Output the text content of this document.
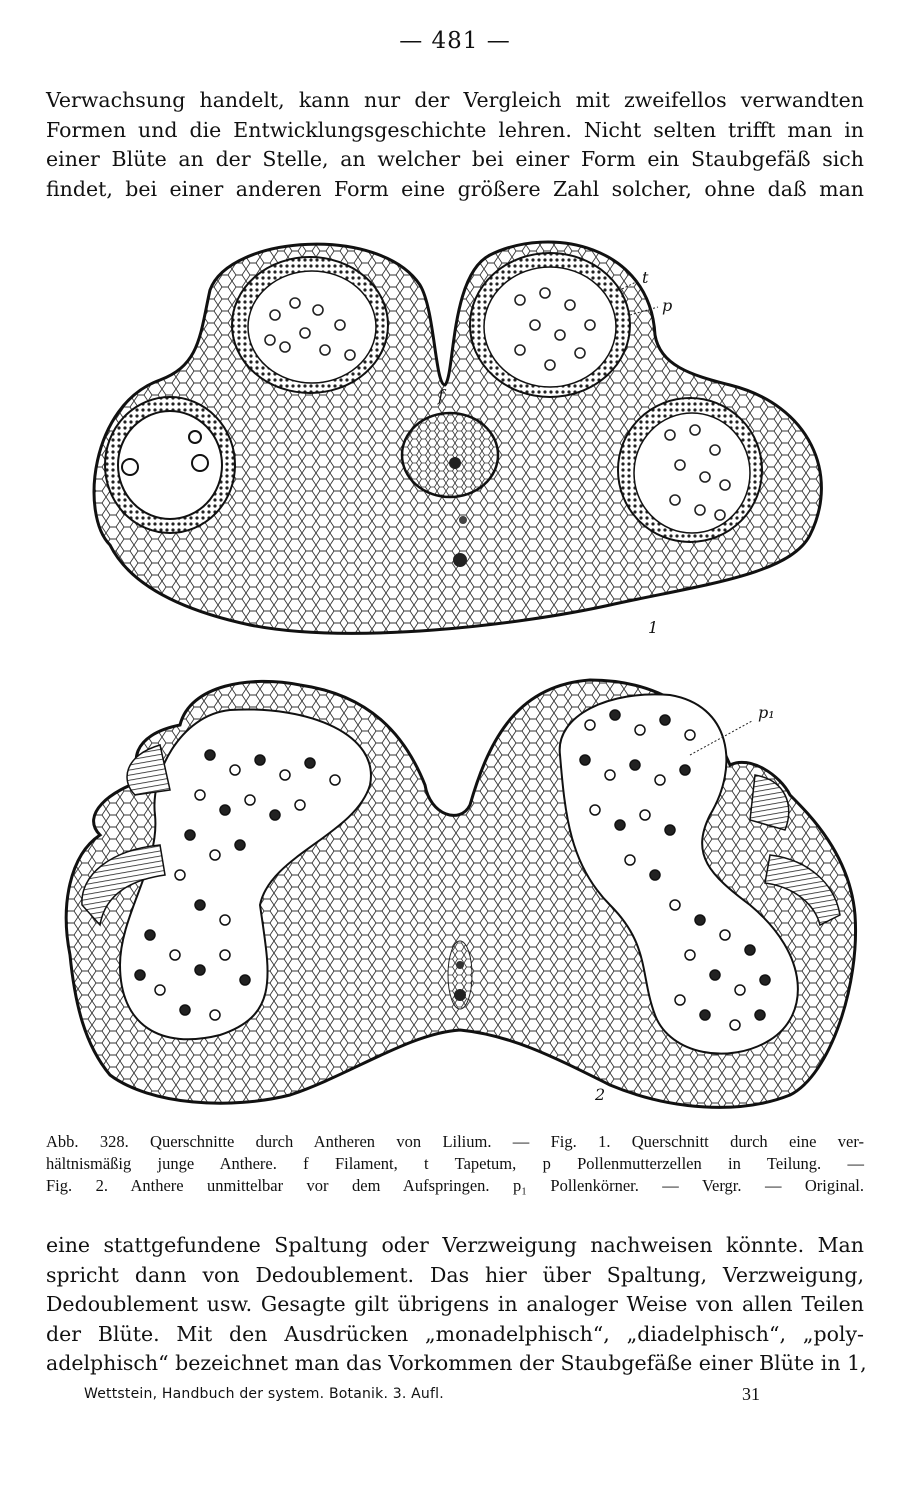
— 481 —
Verwachsung handelt, kann nur der Vergleich mit zweifellos verwandten
Formen und die Entwicklungsgeschichte lehren. Nicht selten trifft man in
einer Blüte an der Stelle, an welcher bei einer Form ein Staubgefäß sich
findet, bei einer anderen Form eine größere Zahl solcher, ohne daß man
1
t
p
f
2
p₁
Abb. 328. Querschnitte durch Antheren von Lilium. — Fig. 1. Querschnitt durch eine ver-
hältnismäßig junge Anthere. f Filament, t Tapetum, p Pollenmutterzellen in Teilung. —
Fig. 2. Anthere unmittelbar vor dem Aufspringen. p₁ Pollenkörner. — Vergr. — Original.
eine stattgefundene Spaltung oder Verzweigung nachweisen könnte. Man
spricht dann von Dedoublement. Das hier über Spaltung, Verzweigung,
Dedoublement usw. Gesagte gilt übrigens in analoger Weise von allen Teilen
der Blüte. Mit den Ausdrücken „monadelphisch“, „diadelphisch“, „poly-
adelphisch“ bezeichnet man das Vorkommen der Staubgefäße einer Blüte in 1,
Wettstein, Handbuch der system. Botanik. 3. Aufl.	31
